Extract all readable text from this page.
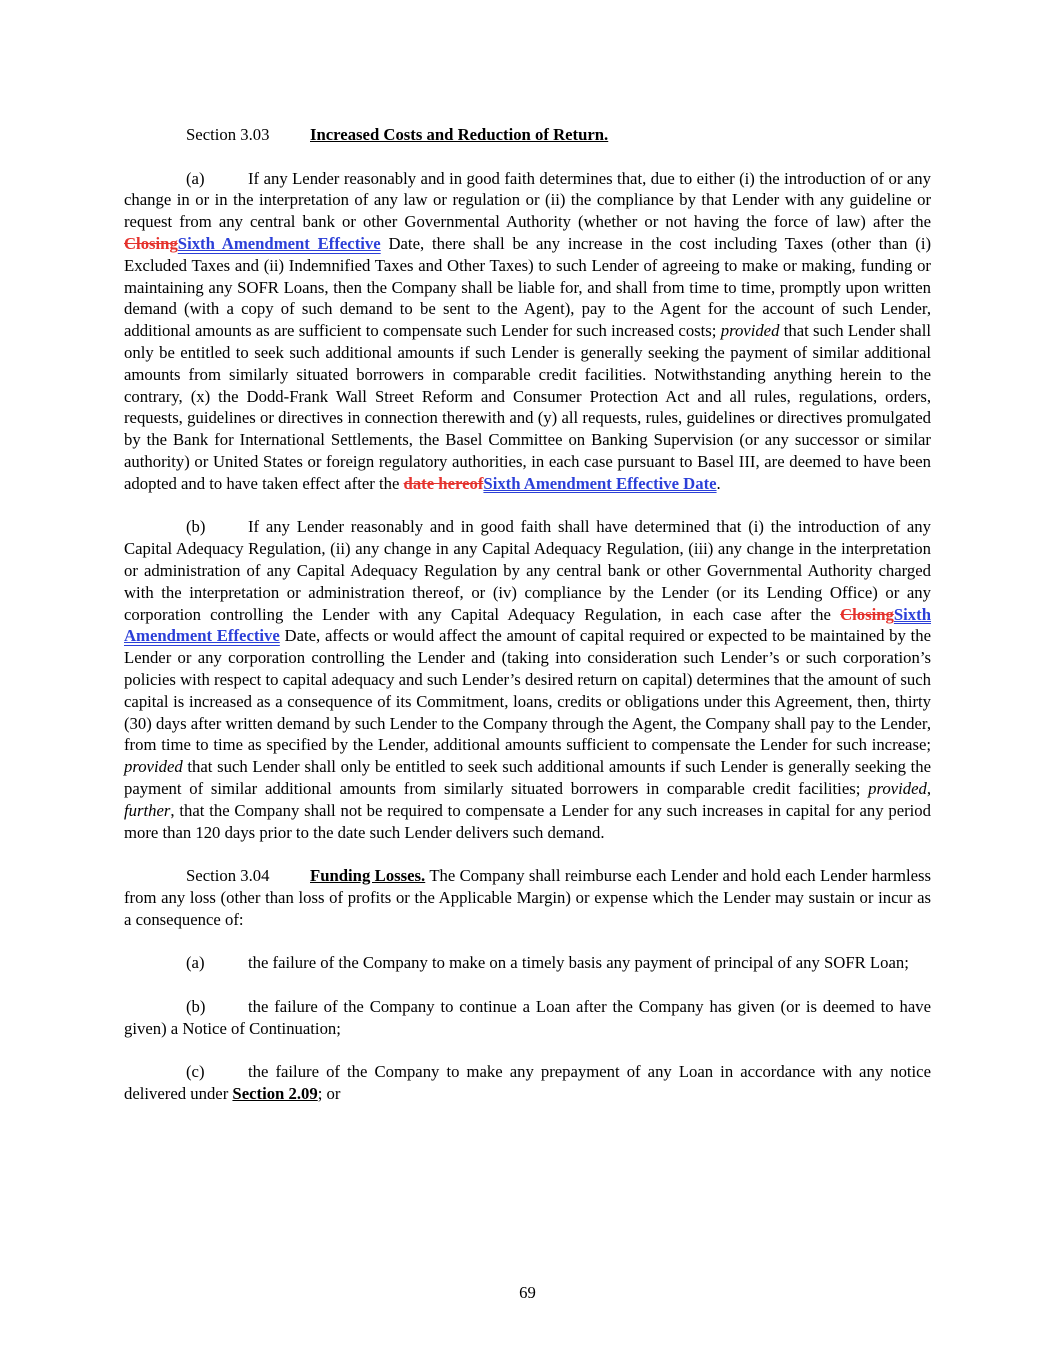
Section 3.03 Increased Costs and Reduction of Return.

(a)	If any Lender reasonably and in good faith determines that, due to either (i) the introduction of or any change in or in the interpretation of any law or regulation or (ii) the compliance by that Lender with any guideline or request from any central bank or other Governmental Authority (whether or not having the force of law) after the ClosingSixth Amendment Effective Date, there shall be any increase in the cost including Taxes (other than (i) Excluded Taxes and (ii) Indemnified Taxes and Other Taxes) to such Lender of agreeing to make or making, funding or maintaining any SOFR Loans, then the Company shall be liable for, and shall from time to time, promptly upon written demand (with a copy of such demand to be sent to the Agent), pay to the Agent for the account of such Lender, additional amounts as are sufficient to compensate such Lender for such increased costs; provided that such Lender shall only be entitled to seek such additional amounts if such Lender is generally seeking the payment of similar additional amounts from similarly situated borrowers in comparable credit facilities. Notwithstanding anything herein to the contrary, (x) the Dodd-Frank Wall Street Reform and Consumer Protection Act and all rules, regulations, orders, requests, guidelines or directives in connection therewith and (y) all requests, rules, guidelines or directives promulgated by the Bank for International Settlements, the Basel Committee on Banking Supervision (or any successor or similar authority) or United States or foreign regulatory authorities, in each case pursuant to Basel III, are deemed to have been adopted and to have taken effect after the date hereofSixth Amendment Effective Date.

(b)	If any Lender reasonably and in good faith shall have determined that (i) the introduction of any Capital Adequacy Regulation, (ii) any change in any Capital Adequacy Regulation, (iii) any change in the interpretation or administration of any Capital Adequacy Regulation by any central bank or other Governmental Authority charged with the interpretation or administration thereof, or (iv) compliance by the Lender (or its Lending Office) or any corporation controlling the Lender with any Capital Adequacy Regulation, in each case after the ClosingSixth Amendment Effective Date, affects or would affect the amount of capital required or expected to be maintained by the Lender or any corporation controlling the Lender and (taking into consideration such Lender’s or such corporation’s policies with respect to capital adequacy and such Lender’s desired return on capital) determines that the amount of such capital is increased as a consequence of its Commitment, loans, credits or obligations under this Agreement, then, thirty (30) days after written demand by such Lender to the Company through the Agent, the Company shall pay to the Lender, from time to time as specified by the Lender, additional amounts sufficient to compensate the Lender for such increase; provided that such Lender shall only be entitled to seek such additional amounts if such Lender is generally seeking the payment of similar additional amounts from similarly situated borrowers in comparable credit facilities; provided, further, that the Company shall not be required to compensate a Lender for any such increases in capital for any period more than 120 days prior to the date such Lender delivers such demand.

Section 3.04 Funding Losses. The Company shall reimburse each Lender and hold each Lender harmless from any loss (other than loss of profits or the Applicable Margin) or expense which the Lender may sustain or incur as a consequence of:

(a)	the failure of the Company to make on a timely basis any payment of principal of any SOFR Loan;

(b)	the failure of the Company to continue a Loan after the Company has given (or is deemed to have given) a Notice of Continuation;

(c)	the failure of the Company to make any prepayment of any Loan in accordance with any notice delivered under Section 2.09; or

69
